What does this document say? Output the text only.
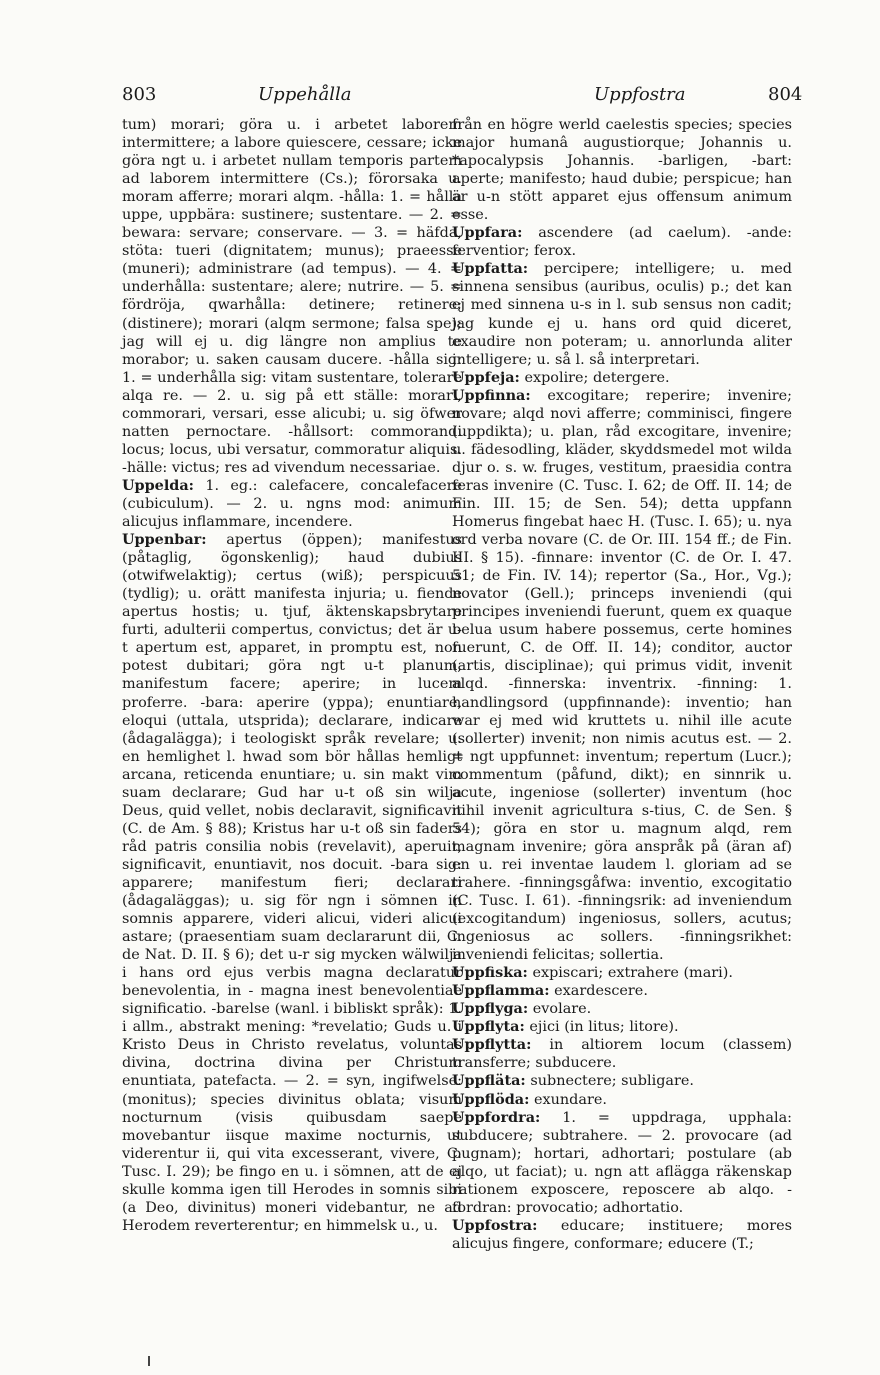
803	Uppehålla	Uppfostra	804

tum) morari; göra u. i arbetet laborem intermittere; a labore quiescere, cessare; icke göra ngt u. i arbetet nullam temporis partem ad laborem intermittere (Cs.); förorsaka u. moram afferre; morari alqm. -hålla: 1. = hålla uppe, uppbära: sustinere; sustentare. — 2. = bewara: servare; conservare. — 3. = häfda, stöta: tueri (dignitatem; munus); praeesse (muneri); administrare (ad tempus). — 4. = underhålla: sustentare; alere; nutrire. — 5. = fördröja, qwarhålla: detinere; retinere; (distinere); morari (alqm sermone; falsa spe); jag will ej u. dig längre non amplius te morabor; u. saken causam ducere. -hålla sig: 1. = underhålla sig: vitam sustentare, tolerare alqa re. — 2. u. sig på ett ställe: morari, commorari, versari, esse alicubi; u. sig öfwer natten pernoctare. -hållsort: commorandi locus; locus, ubi versatur, commoratur aliquis. -hälle: victus; res ad vivendum necessariae.

Uppelda: 1. eg.: calefacere, concalefacere (cubiculum). — 2. u. ngns mod: animum alicujus inflammare, incendere.

Uppenbar: apertus (öppen); manifestus (påtaglig, ögonskenlig); haud dubius (otwifwelaktig); certus (wiß); perspicuus (tydlig); u. orätt manifesta injuria; u. fiende apertus hostis; u. tjuf, äktenskapsbrytare furti, adulterii compertus, convictus; det är u-t apertum est, apparet, in promptu est, non potest dubitari; göra ngt u-t planum, manifestum facere; aperire; in lucem proferre. -bara: aperire (yppa); enuntiare, eloqui (uttala, utsprida); declarare, indicare (ådagalägga); i teologiskt språk revelare; u. en hemlighet l. hwad som bör hållas hemligt arcana, reticenda enuntiare; u. sin makt vim suam declarare; Gud har u-t oß sin wilja Deus, quid vellet, nobis declaravit, significavit (C. de Am. § 88); Kristus har u-t oß sin faders råd patris consilia nobis (revelavit), aperuit, significavit, enuntiavit, nos docuit. -bara sig: apparere; manifestum fieri; declarari (ådagaläggas); u. sig för ngn i sömnen in somnis apparere, videri alicui, videri alicui astare; (praesentiam suam declararunt dii, C. de Nat. D. II. § 6); det u-r sig mycken wälwilja i hans ord ejus verbis magna declaratur benevolentia, in - magna inest benevolentiae significatio. -barelse (wanl. i bibliskt språk): 1. i allm., abstrakt mening: *revelatio; Guds u. i Kristo Deus in Christo revelatus, voluntas divina, doctrina divina per Christum enuntiata, patefacta. — 2. = syn, ingifwelse: (monitus); species divinitus oblata; visum nocturnum (visis quibusdam saepe movebantur iisque maxime nocturnis, ut viderentur ii, qui vita excesserant, vivere, C. Tusc. I. 29); be fingo en u. i sömnen, att de ej skulle komma igen till Herodes in somnis sibi (a Deo, divinitus) moneri videbantur, ne ad Herodem reverterentur; en himmelsk u., u.

från en högre werld caelestis species; species major humanâ augustiorque; Johannis u. *apocalypsis Johannis. -barligen, -bart: aperte; manifesto; haud dubie; perspicue; han är u-n stött apparet ejus offensum animum esse.

Uppfara: ascendere (ad caelum). -ande: ferventior; ferox.

Uppfatta: percipere; intelligere; u. med sinnena sensibus (auribus, oculis) p.; det kan ej med sinnena u-s in l. sub sensus non cadit; jag kunde ej u. hans ord quid diceret, exaudire non poteram; u. annorlunda aliter intelligere; u. så l. så interpretari.

Uppfeja: expolire; detergere.

Uppfinna: excogitare; reperire; invenire; novare; alqd novi afferre; comminisci, fingere (uppdikta); u. plan, råd excogitare, invenire; u. fädesodling, kläder, skyddsmedel mot wilda djur o. s. w. fruges, vestitum, praesidia contra feras invenire (C. Tusc. I. 62; de Off. II. 14; de Fin. III. 15; de Sen. 54); detta uppfann Homerus fingebat haec H. (Tusc. I. 65); u. nya ord verba novare (C. de Or. III. 154 ff.; de Fin. III. § 15). -finnare: inventor (C. de Or. I. 47. 51; de Fin. IV. 14); repertor (Sa., Hor., Vg.); novator (Gell.); princeps inveniendi (qui principes inveniendi fuerunt, quem ex quaque belua usum habere possemus, certe homines fuerunt, C. de Off. II. 14); conditor, auctor (artis, disciplinae); qui primus vidit, invenit alqd. -finnerska: inventrix. -finning: 1. handlingsord (uppfinnande): inventio; han war ej med wid kruttets u. nihil ille acute (sollerter) invenit; non nimis acutus est. — 2. = ngt uppfunnet: inventum; repertum (Lucr.); commentum (påfund, dikt); en sinnrik u. acute, ingeniose (sollerter) inventum (hoc nihil invenit agricultura s-tius, C. de Sen. § 54); göra en stor u. magnum alqd, rem magnam invenire; göra anspråk på (äran af) en u. rei inventae laudem l. gloriam ad se trahere. -finningsgåfwa: inventio, excogitatio (C. Tusc. I. 61). -finningsrik: ad inveniendum (excogitandum) ingeniosus, sollers, acutus; ingeniosus ac sollers. -finningsrikhet: inveniendi felicitas; sollertia.

Uppfiska: expiscari; extrahere (mari).

Uppflamma: exardescere.

Uppflyga: evolare.

Uppflyta: ejici (in litus; litore).

Uppflytta: in altiorem locum (classem) transferre; subducere.

Uppfläta: subnectere; subligare.

Uppflöda: exundare.

Uppfordra: 1. = uppdraga, upphala: subducere; subtrahere. — 2. provocare (ad pugnam); hortari, adhortari; postulare (ab alqo, ut faciat); u. ngn att aflägga räkenskap rationem exposcere, reposcere ab alqo. -fordran: provocatio; adhortatio.

Uppfostra: educare; instituere; mores alicujus fingere, conformare; educere (T.;
